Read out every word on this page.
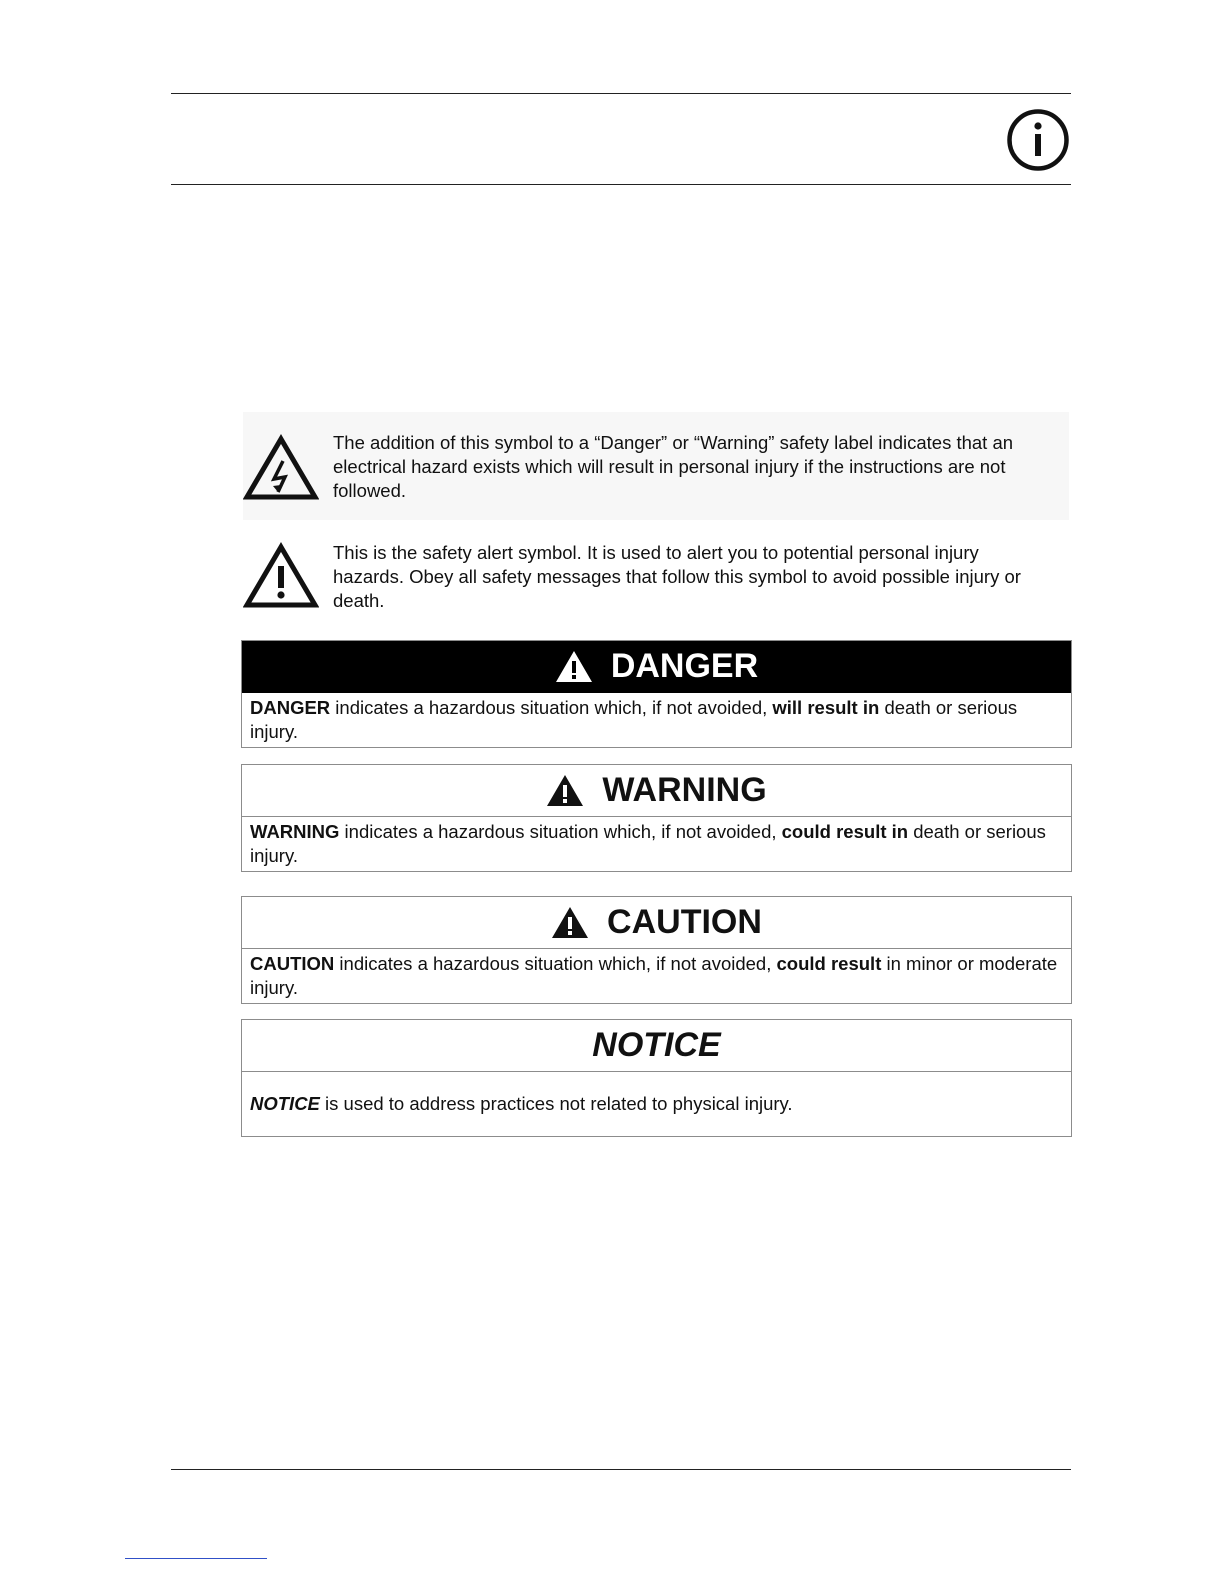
The addition of this symbol to a “Danger” or “Warning” safety label indicates that an electrical hazard exists which will result in personal injury if the instructions are not followed.
This is the safety alert symbol. It is used to alert you to potential personal injury hazards. Obey all safety messages that follow this symbol to avoid possible injury or death.
DANGER
DANGER indicates a hazardous situation which, if not avoided, will result in death or serious injury.
WARNING
WARNING indicates a hazardous situation which, if not avoided, could result in death or serious injury.
CAUTION
CAUTION indicates a hazardous situation which, if not avoided, could result in minor or moderate injury.
NOTICE
NOTICE is used to address practices not related to physical injury.
